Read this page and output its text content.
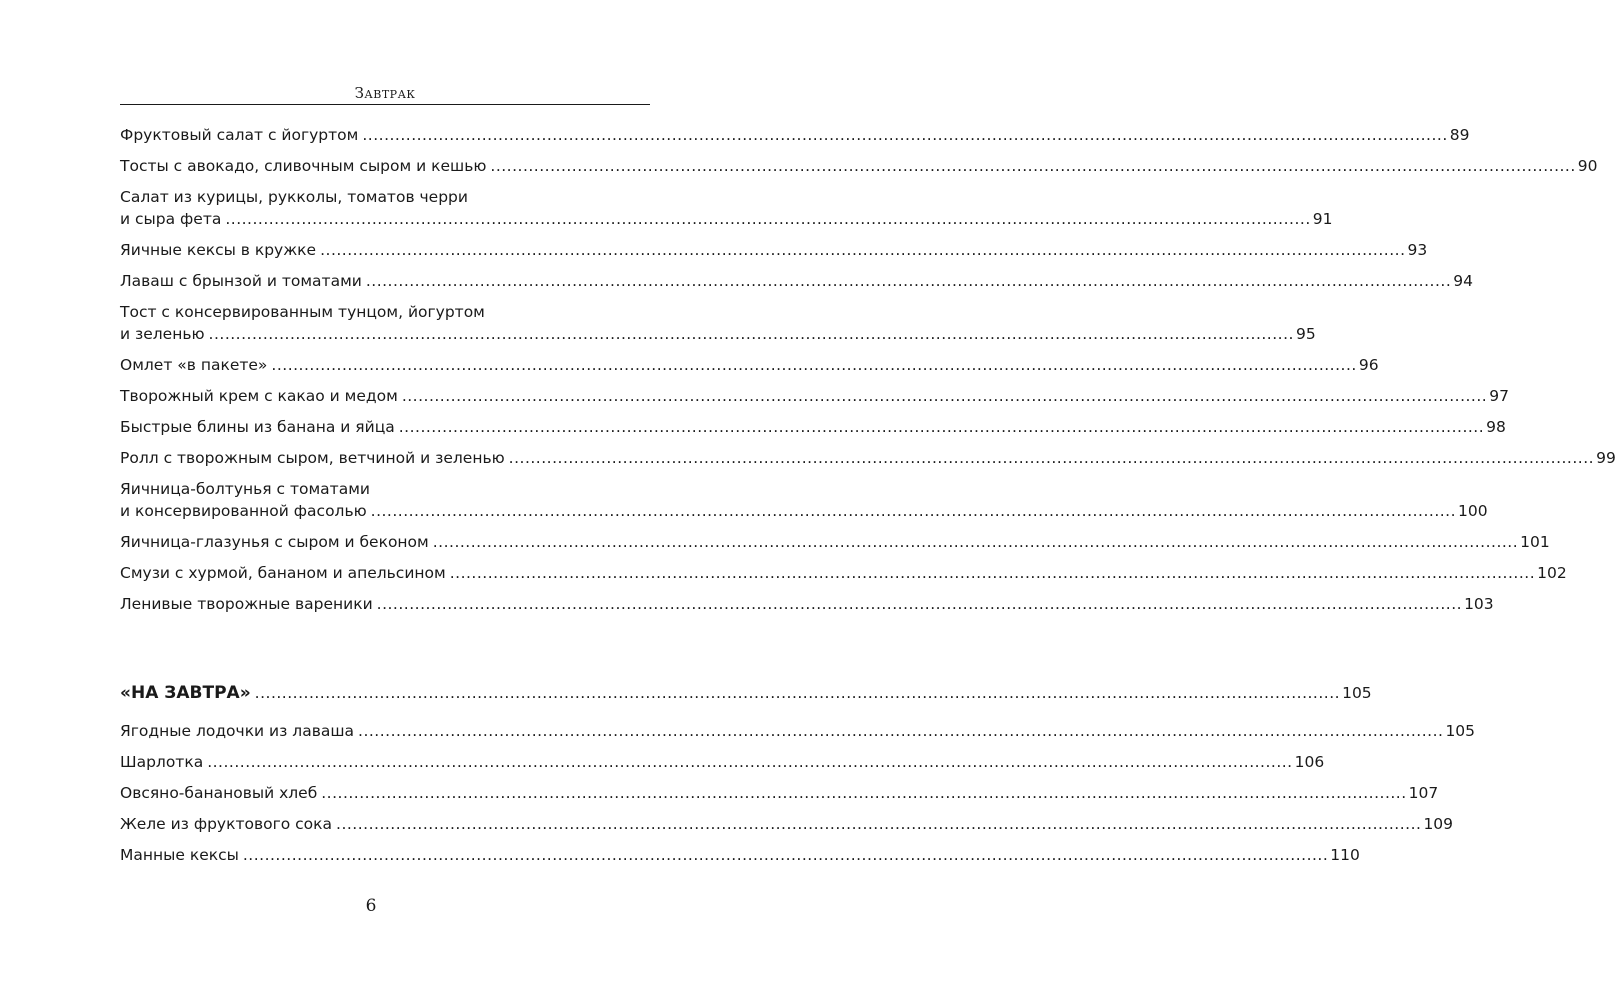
Завтрак
Фруктовый салат с йогуртом ........................................................................................................................................................................................................ 89
Тосты с авокадо, сливочным сыром и кешью ........................................................................................................................................................................................................ 90
Салат из курицы, рукколы, томатов черри
и сыра фета ........................................................................................................................................................................................................ 91
Яичные кексы в кружке ........................................................................................................................................................................................................ 93
Лаваш с брынзой и томатами ........................................................................................................................................................................................................ 94
Тост с консервированным тунцом, йогуртом
и зеленью ........................................................................................................................................................................................................ 95
Омлет «в пакете» ........................................................................................................................................................................................................ 96
Творожный крем с какао и медом ........................................................................................................................................................................................................ 97
Быстрые блины из банана и яйца ........................................................................................................................................................................................................ 98
Ролл с творожным сыром, ветчиной и зеленью ........................................................................................................................................................................................................ 99
Яичница-болтунья с томатами
и консервированной фасолью ........................................................................................................................................................................................................ 100
Яичница-глазунья с сыром и беконом ........................................................................................................................................................................................................ 101
Смузи с хурмой, бананом и апельсином ........................................................................................................................................................................................................ 102
Ленивые творожные вареники ........................................................................................................................................................................................................ 103
«НА ЗАВТРА» ........................................................................................................................................................................................................ 105
Ягодные лодочки из лаваша ........................................................................................................................................................................................................ 105
Шарлотка ........................................................................................................................................................................................................ 106
Овсяно-банановый хлеб ........................................................................................................................................................................................................ 107
Желе из фруктового сока ........................................................................................................................................................................................................ 109
Манные кексы ........................................................................................................................................................................................................ 110
6
